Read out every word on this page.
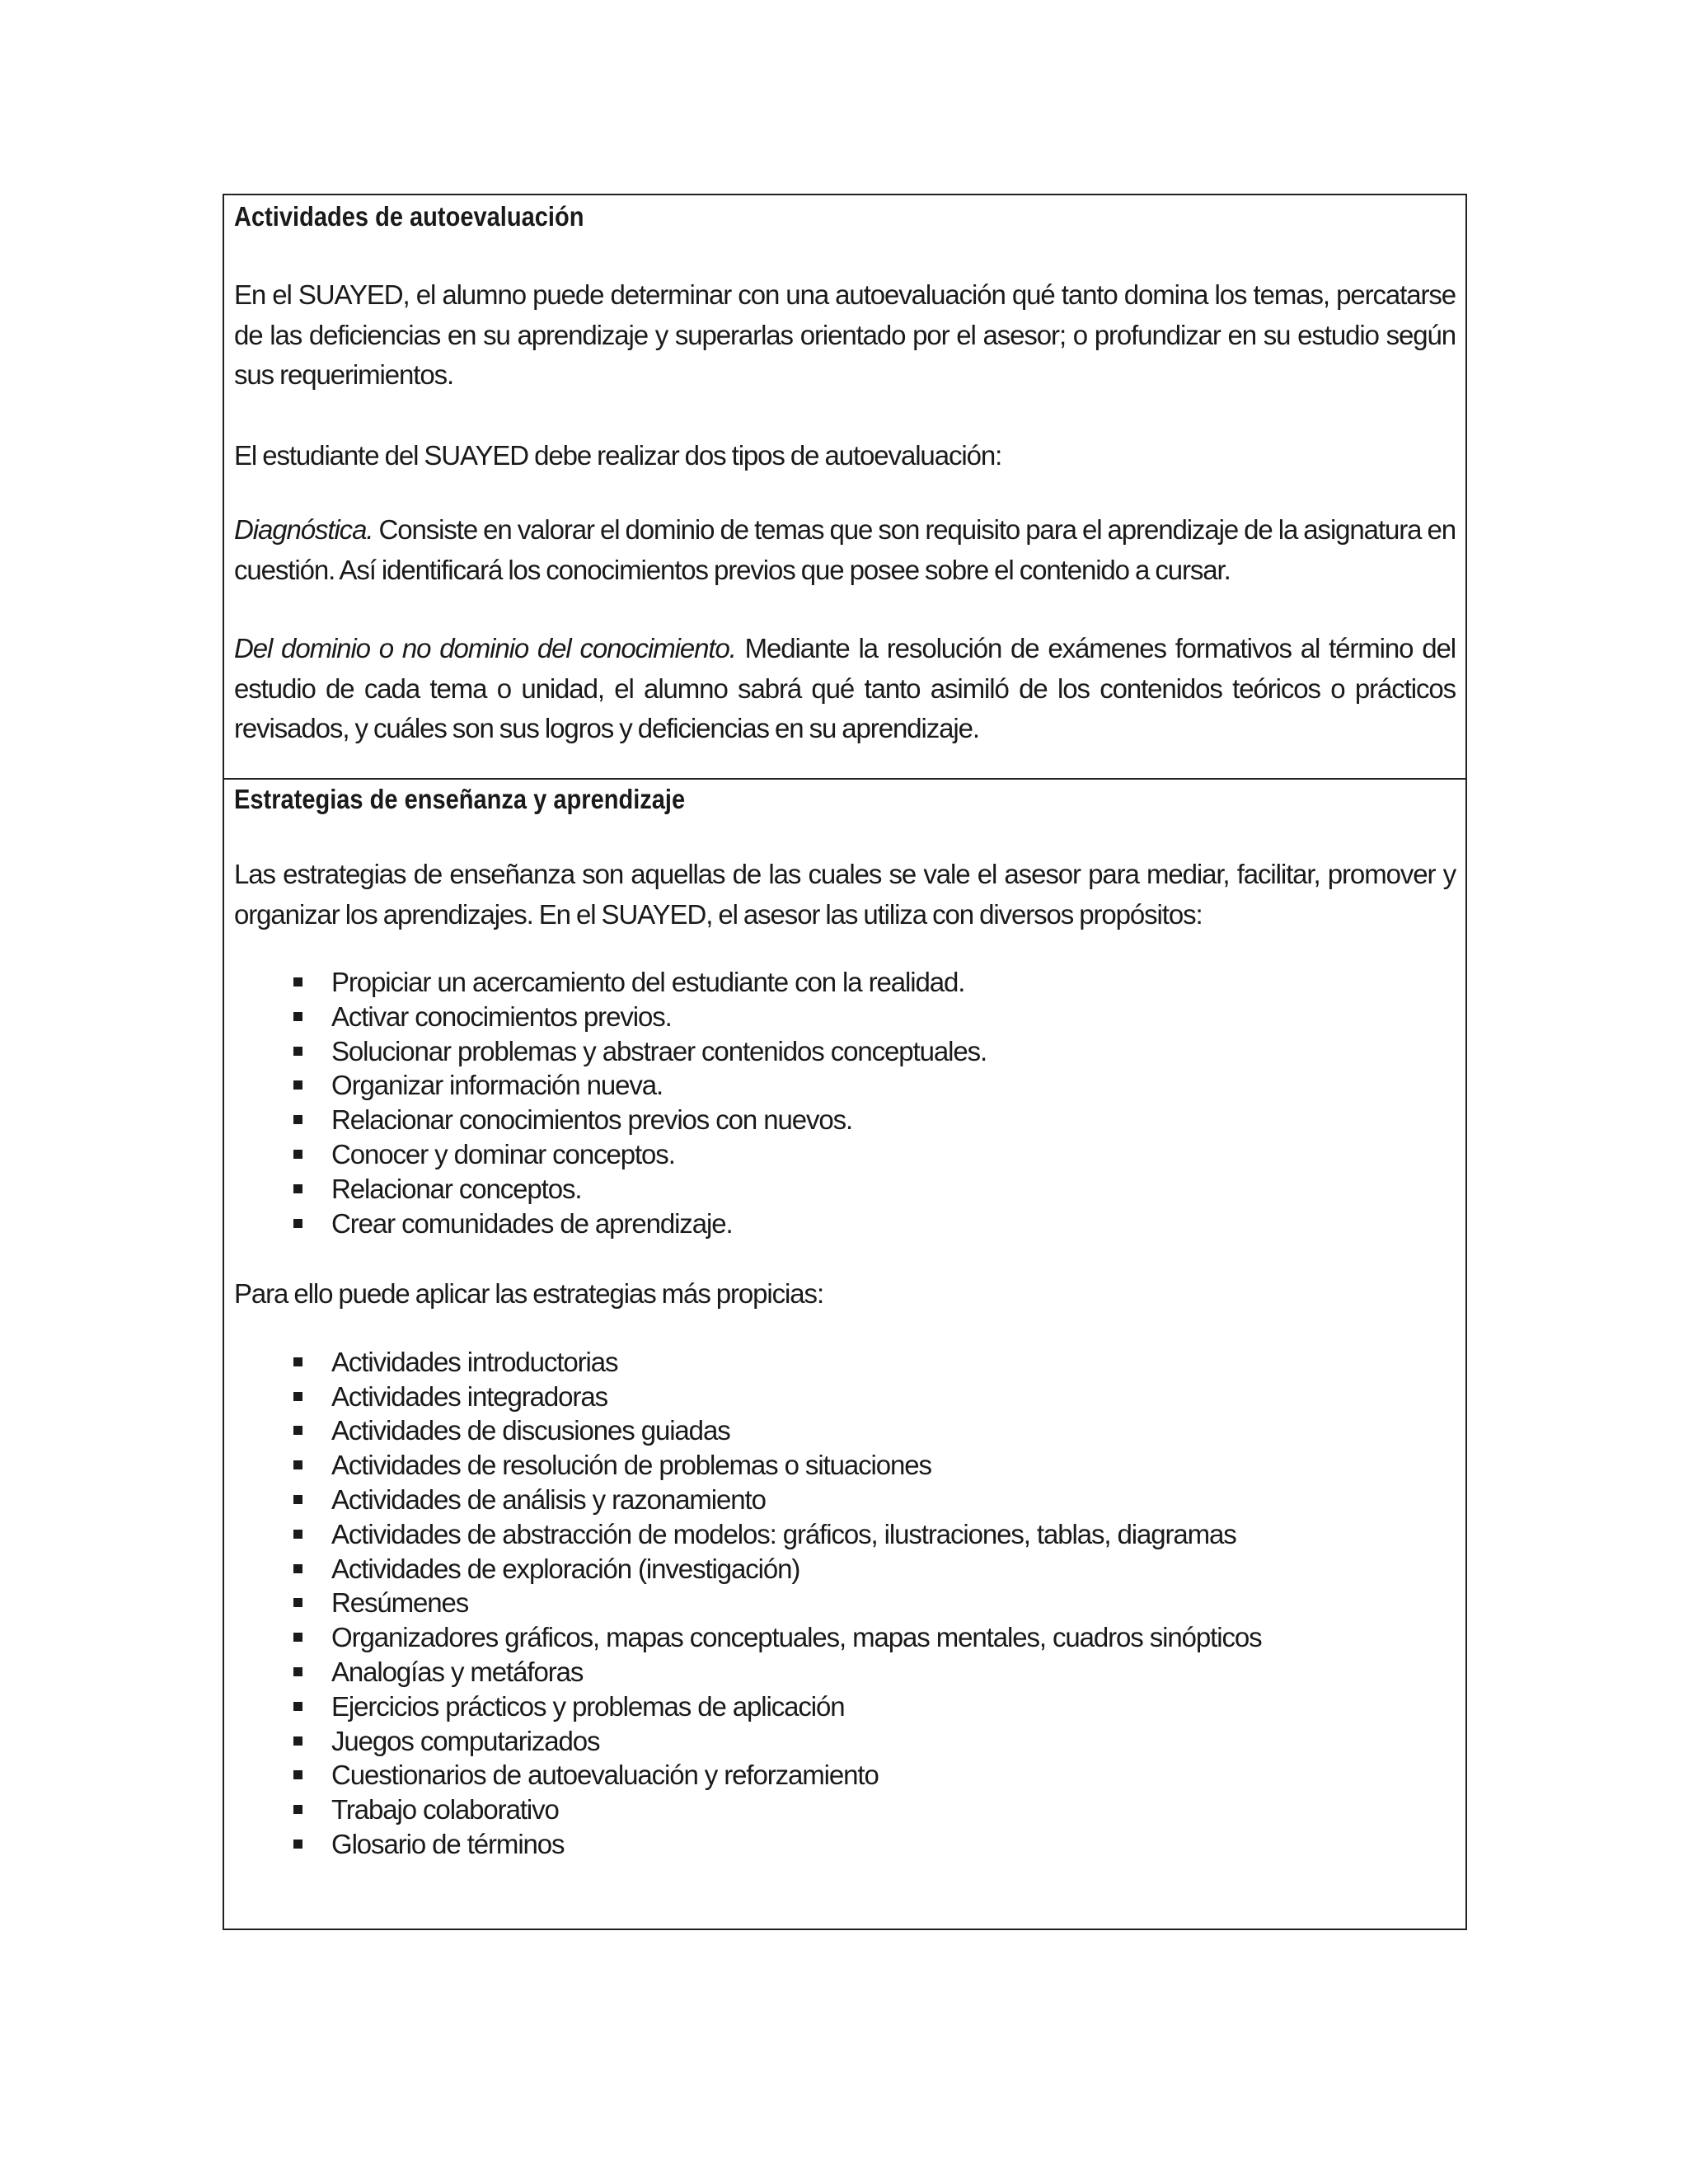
Actividades de autoevaluación

En el SUAYED, el alumno puede determinar con una autoevaluación qué tanto domina los temas, percatarse de las deficiencias en su aprendizaje y superarlas orientado por el asesor; o profundizar en su estudio según sus requerimientos.

El estudiante del SUAYED debe realizar dos tipos de autoevaluación:

Diagnóstica. Consiste en valorar el dominio de temas que son requisito para el aprendizaje de la asignatura en cuestión. Así identificará los conocimientos previos que posee sobre el contenido a cursar.

Del dominio o no dominio del conocimiento. Mediante la resolución de exámenes formativos al término del estudio de cada tema o unidad, el alumno sabrá qué tanto asimiló de los contenidos teóricos o prácticos revisados, y cuáles son sus logros y deficiencias en su aprendizaje.

Estrategias de enseñanza y aprendizaje

Las estrategias de enseñanza son aquellas de las cuales se vale el asesor para mediar, facilitar, promover y organizar los aprendizajes. En el SUAYED, el asesor las utiliza con diversos propósitos:

Propiciar un acercamiento del estudiante con la realidad.
Activar conocimientos previos.
Solucionar problemas y abstraer contenidos conceptuales.
Organizar información nueva.
Relacionar conocimientos previos con nuevos.
Conocer y dominar conceptos.
Relacionar conceptos.
Crear comunidades de aprendizaje.

Para ello puede aplicar las estrategias más propicias:

Actividades introductorias
Actividades integradoras
Actividades de discusiones guiadas
Actividades de resolución de problemas o situaciones
Actividades de análisis y razonamiento
Actividades de abstracción de modelos: gráficos, ilustraciones, tablas, diagramas
Actividades de exploración (investigación)
Resúmenes
Organizadores gráficos, mapas conceptuales, mapas mentales, cuadros sinópticos
Analogías y metáforas
Ejercicios prácticos y problemas de aplicación
Juegos computarizados
Cuestionarios de autoevaluación y reforzamiento
Trabajo colaborativo
Glosario de términos
